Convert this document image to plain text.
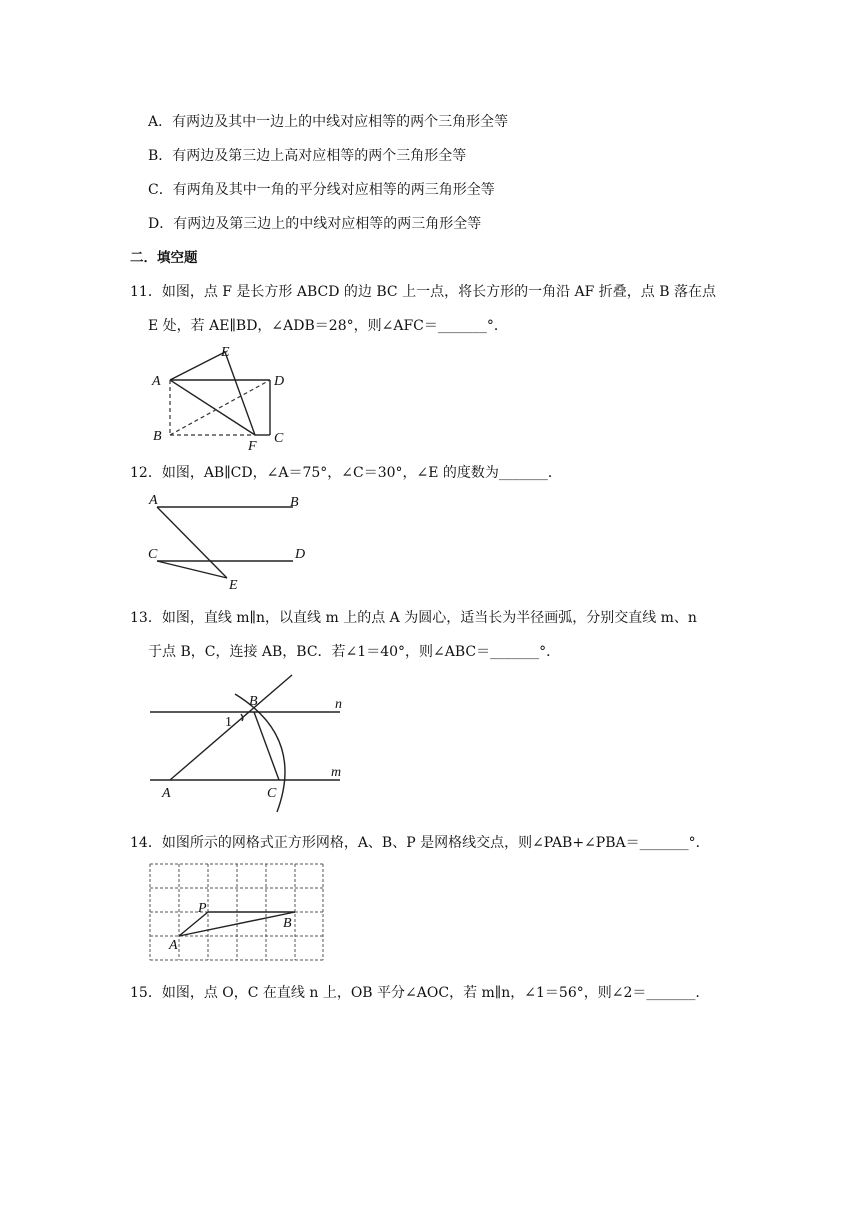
A．有两边及其中一边上的中线对应相等的两个三角形全等
B．有两边及第三边上高对应相等的两个三角形全等
C．有两角及其中一角的平分线对应相等的两三角形全等
D．有两边及第三边上的中线对应相等的两三角形全等
二．填空题
11．如图，点 F 是长方形 ABCD 的边 BC 上一点，将长方形的一角沿 AF 折叠，点 B 落在点
E 处，若 AE∥BD，∠ADB＝28°，则∠AFC＝_______°．
A
B	C
D
E
F
12．如图，AB∥CD，∠A＝75°，∠C＝30°，∠E 的度数为_______．
A	B
C	D
E
13．如图，直线 m∥n，以直线 m 上的点 A 为圆心，适当长为半径画弧，分别交直线 m、n
于点 B，C，连接 AB，BC．若∠1＝40°，则∠ABC＝_______°．
B	n
m
1
A	C
14．如图所示的网格式正方形网格，A、B、P 是网格线交点，则∠PAB+∠PBA＝_______°．
A
P
B
15．如图，点 O，C 在直线 n 上，OB 平分∠AOC，若 m∥n，∠1＝56°，则∠2＝_______.
